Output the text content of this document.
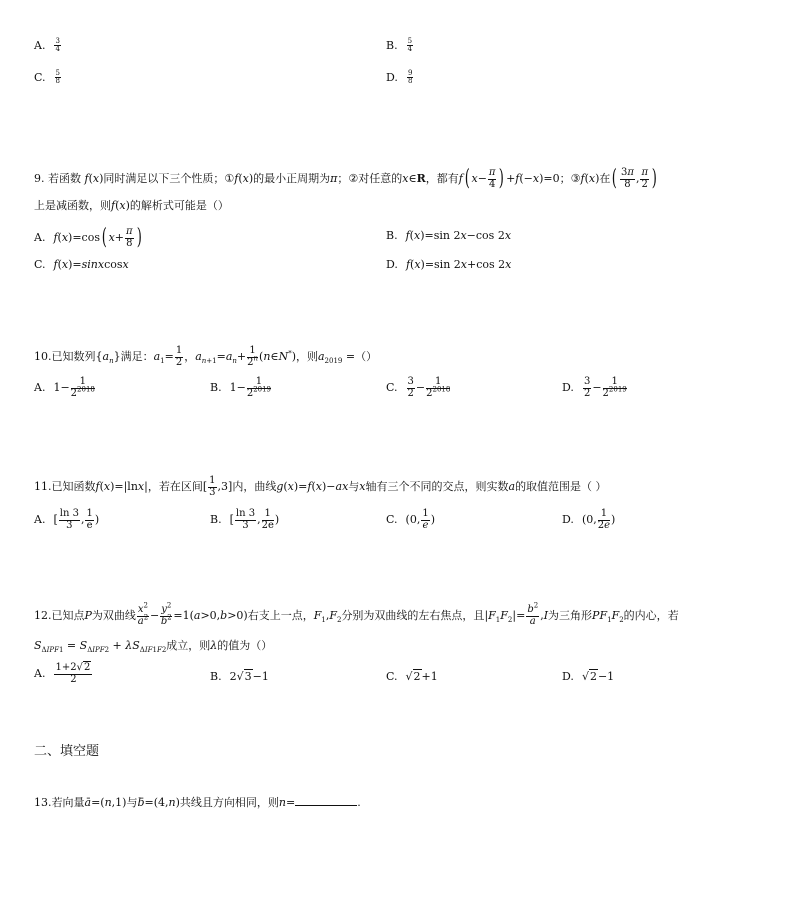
A. $\frac{3}{4}$	B. $\frac{5}{4}$
C. $\frac{5}{8}$	D. $\frac{9}{8}$
9. 若函数 f(x)同时满足以下三个性质；①f(x)的最小正周期为π；②对任意的x∈R，都有f( $x- \frac{\pi}{4}$ ) +f(−x)=0；③f(x)在( $\frac{3\pi}{8}$ , $\frac{\pi}{2}$ )
上是减函数，则f(x)的解析式可能是（）
A. f(x)=cos( $x+ \frac{\pi}{8}$ )	B. f(x)=sin 2x−cos 2x
C. f(x)=sinxcosx	D. f(x)=sin 2x+cos 2x
10.已知数列$\{a_n\}$满足：$a_1= \frac{1}{2}$ ，$a_{n+1}=a_n+ \frac{1}{2^n}$ (n∈N*)，则$a_{2019}$ =（）
A. $1- \frac{1}{2^{2018}}$	B. $1- \frac{1}{2^{2019}}$	C. $\frac{3}{2} - \frac{1}{2^{2018}}$	D. $\frac{3}{2} - \frac{1}{2^{2019}}$
11.已知函数f(x)=|lnx|，若在区间[ $\frac{1}{3} ,3$]内，曲线g(x)=f(x)−ax与x轴有三个不同的交点，则实数a的取值范围是（ ）
A. [ $\frac{\ln 3}{3}$ , $\frac{1}{e}$ )	B. [ $\frac{\ln 3}{3}$ , $\frac{1}{2e}$ )	C. (0, $\frac{1}{e}$ )	D. (0, $\frac{1}{2e}$ )
12.已知点P为双曲线 $\frac{x^2}{a^2} - \frac{y^2}{b^2} =1(a>0,b>0)$右支上一点，$F_1,F_2$分别为双曲线的左右焦点，且$|F_1F_2|= \frac{b^2}{a} ,I$为三角形$PF_1F_2$的内心，若
$S_{\Delta IPF1} = S_{\Delta IPF2} + \lambda S_{\Delta IF1F2}$成立，则λ的值为（）
A. $\frac{1+2√2}{2}$	B. 2√3−1	C. √2+1	D. √2−1
二、填空题
13.若向量ā=(n,1)与b̄=(4,n)共线且方向相同，则n=	.
